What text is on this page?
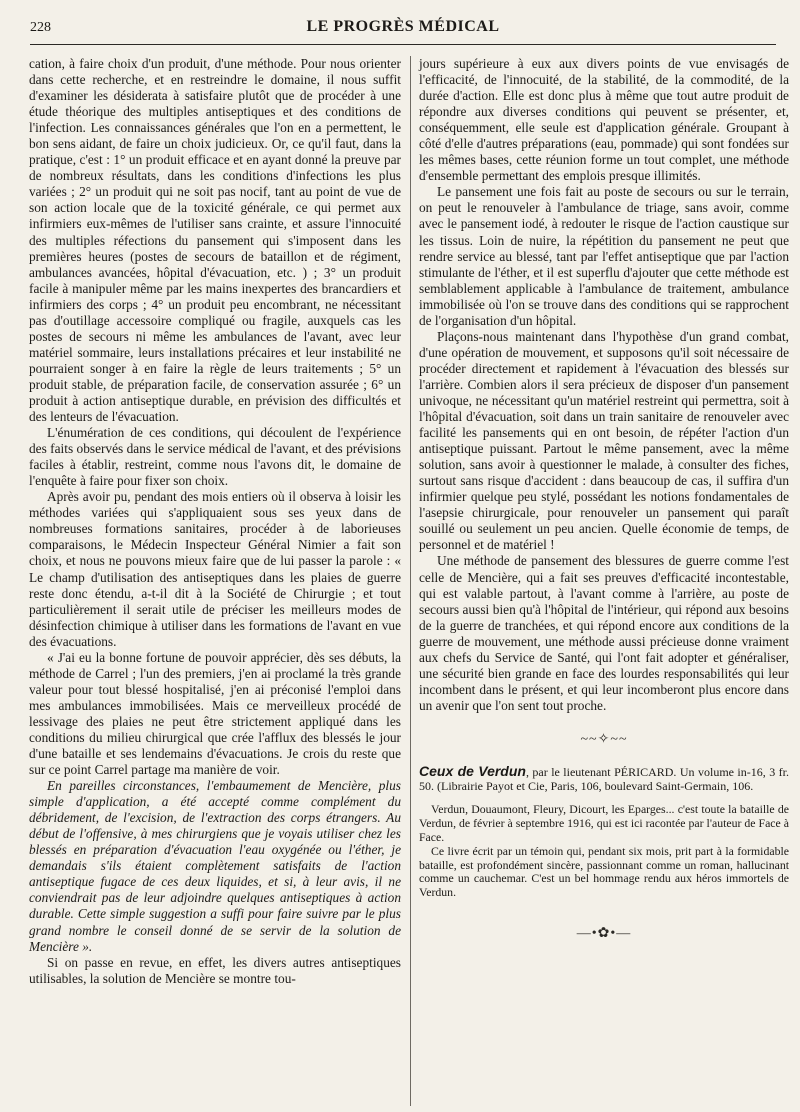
228	LE PROGRÈS MÉDICAL

cation, à faire choix d'un produit, d'une méthode. Pour nous orienter dans cette recherche, et en restreindre le domaine, il nous suffit d'examiner les désiderata à satisfaire plutôt que de procéder à une étude théorique des multiples antiseptiques et des conditions de l'infection. Les connaissances générales que l'on en a permettent, le bon sens aidant, de faire un choix judicieux. Or, ce qu'il faut, dans la pratique, c'est : 1° un produit efficace et en ayant donné la preuve par de nombreux résultats, dans les conditions d'infections les plus variées ; 2° un produit qui ne soit pas nocif, tant au point de vue de son action locale que de la toxicité générale, ce qui permet aux infirmiers eux-mêmes de l'utiliser sans crainte, et assure l'innocuité des multiples réfections du pansement qui s'imposent dans les premières heures (postes de secours de bataillon et de régiment, ambulances avancées, hôpital d'évacuation, etc. ) ; 3° un produit facile à manipuler même par les mains inexpertes des brancardiers et infirmiers des corps ; 4° un produit peu encombrant, ne nécessitant pas d'outillage accessoire compliqué ou fragile, auxquels cas les postes de secours ni même les ambulances de l'avant, avec leur matériel sommaire, leurs installations précaires et leur instabilité ne pourraient songer à en faire la règle de leurs traitements ; 5° un produit stable, de préparation facile, de conservation assurée ; 6° un produit à action antiseptique durable, en prévision des difficultés et des lenteurs de l'évacuation.

L'énumération de ces conditions, qui découlent de l'expérience des faits observés dans le service médical de l'avant, et des prévisions faciles à établir, restreint, comme nous l'avons dit, le domaine de l'enquête à faire pour fixer son choix.

Après avoir pu, pendant des mois entiers où il observa à loisir les méthodes variées qui s'appliquaient sous ses yeux dans de nombreuses formations sanitaires, procéder à de laborieuses comparaisons, le Médecin Inspecteur Général Nimier a fait son choix, et nous ne pouvons mieux faire que de lui passer la parole : « Le champ d'utilisation des antiseptiques dans les plaies de guerre reste donc étendu, a-t-il dit à la Société de Chirurgie ; et tout particulièrement il serait utile de préciser les meilleurs modes de désinfection chimique à utiliser dans les formations de l'avant en vue des évacuations.

« J'ai eu la bonne fortune de pouvoir apprécier, dès ses débuts, la méthode de Carrel ; l'un des premiers, j'en ai proclamé la très grande valeur pour tout blessé hospitalisé, j'en ai préconisé l'emploi dans mes ambulances immobilisées. Mais ce merveilleux procédé de lessivage des plaies ne peut être strictement appliqué dans les conditions du milieu chirurgical que crée l'afflux des blessés le jour d'une bataille et ses lendemains d'évacuations. Je crois du reste que sur ce point Carrel partage ma manière de voir.

En pareilles circonstances, l'embaumement de Mencière, plus simple d'application, a été accepté comme complément du débridement, de l'excision, de l'extraction des corps étrangers. Au début de l'offensive, à mes chirurgiens que je voyais utiliser chez les blessés en préparation d'évacuation l'eau oxygénée ou l'éther, je demandais s'ils étaient complètement satisfaits de l'action antiseptique fugace de ces deux liquides, et si, à leur avis, il ne conviendrait pas de leur adjoindre quelques antiseptiques à action durable. Cette simple suggestion a suffi pour faire suivre par le plus grand nombre le conseil donné de se servir de la solution de Mencière ».

Si on passe en revue, en effet, les divers autres antiseptiques utilisables, la solution de Mencière se montre tou-

jours supérieure à eux aux divers points de vue envisagés de l'efficacité, de l'innocuité, de la stabilité, de la commodité, de la durée d'action. Elle est donc plus à même que tout autre produit de répondre aux diverses conditions qui peuvent se présenter, et, conséquemment, elle seule est d'application générale. Groupant à côté d'elle d'autres préparations (eau, pommade) qui sont fondées sur les mêmes bases, cette réunion forme un tout complet, une méthode d'ensemble permettant des emplois presque illimités.

Le pansement une fois fait au poste de secours ou sur le terrain, on peut le renouveler à l'ambulance de triage, sans avoir, comme avec le pansement iodé, à redouter le risque de l'action caustique sur les tissus. Loin de nuire, la répétition du pansement ne peut que rendre service au blessé, tant par l'effet antiseptique que par l'action stimulante de l'éther, et il est superflu d'ajouter que cette méthode est semblablement applicable à l'ambulance de traitement, ambulance immobilisée où l'on se trouve dans des conditions qui se rapprochent de l'organisation d'un hôpital.

Plaçons-nous maintenant dans l'hypothèse d'un grand combat, d'une opération de mouvement, et supposons qu'il soit nécessaire de procéder directement et rapidement à l'évacuation des blessés sur l'arrière. Combien alors il sera précieux de disposer d'un pansement univoque, ne nécessitant qu'un matériel restreint qui permettra, soit à l'hôpital d'évacuation, soit dans un train sanitaire de renouveler avec facilité les pansements qui en ont besoin, de répéter l'action d'un antiseptique puissant. Partout le même pansement, avec la même solution, sans avoir à questionner le malade, à consulter des fiches, surtout sans risque d'accident : dans beaucoup de cas, il suffira d'un infirmier quelque peu stylé, possédant les notions fondamentales de l'asepsie chirurgicale, pour renouveler un pansement qui paraît souillé ou seulement un peu ancien. Quelle économie de temps, de personnel et de matériel !

Une méthode de pansement des blessures de guerre comme l'est celle de Mencière, qui a fait ses preuves d'efficacité incontestable, qui est valable partout, à l'avant comme à l'arrière, au poste de secours aussi bien qu'à l'hôpital de l'intérieur, qui répond aux besoins de la guerre de tranchées, et qui répond encore aux conditions de la guerre de mouvement, une méthode aussi précieuse donne vraiment aux chefs du Service de Santé, qui l'ont fait adopter et généraliser, une sécurité bien grande en face des lourdes responsabilités qui leur incombent dans le présent, et qui leur incomberont plus encore dans un avenir que l'on sent tout proche.

~~✧~~

Ceux de Verdun, par le lieutenant PÉRICARD. Un volume in-16, 3 fr. 50. (Librairie Payot et Cie, Paris, 106, boulevard Saint-Germain, 106.

Verdun, Douaumont, Fleury, Dicourt, les Eparges... c'est toute la bataille de Verdun, de février à septembre 1916, qui est ici racontée par l'auteur de Face à Face.

Ce livre écrit par un témoin qui, pendant six mois, prit part à la formidable bataille, est profondément sincère, passionnant comme un roman, hallucinant comme un cauchemar. C'est un bel hommage rendu aux héros immortels de Verdun.

—•✿•—
